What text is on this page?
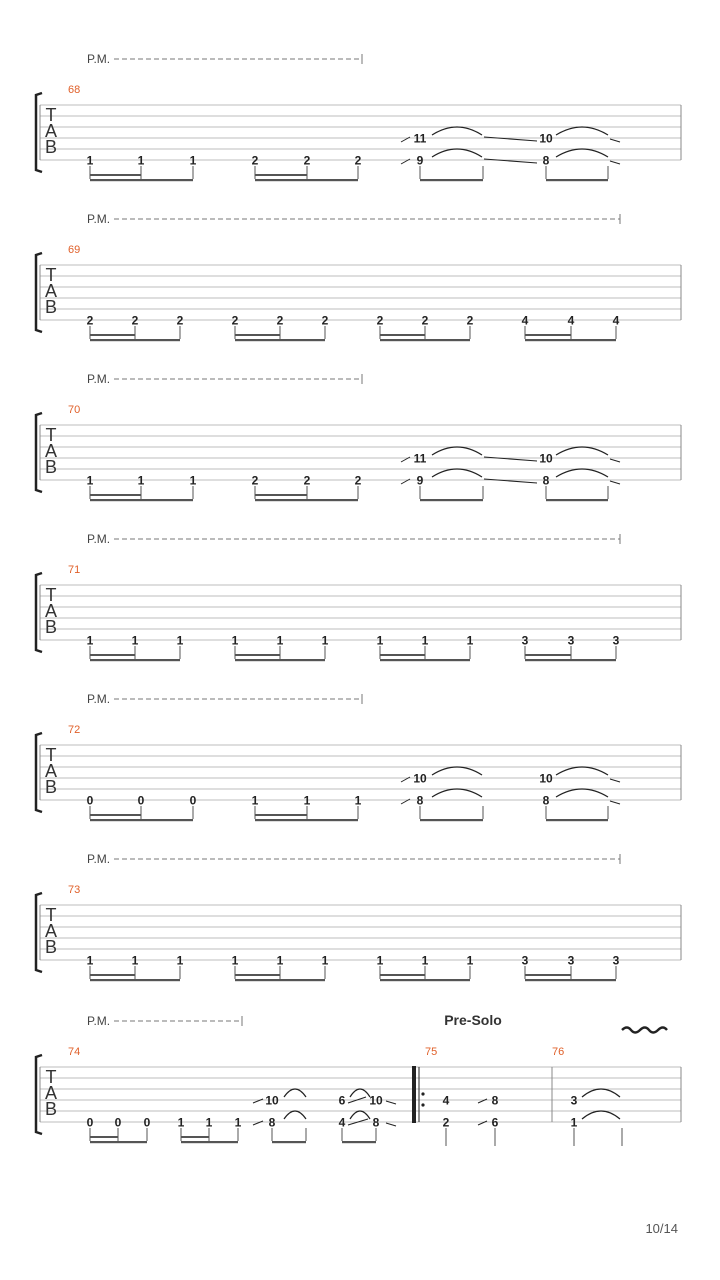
P.M.
T
A
B
68
1	1	1	2	2	2
11
9
10
8
P.M.
T
A
B
69
2	2	2	2	2	2	2	2	2	4	4	4
P.M.
T
A
B
70
1	1	1	2	2	2
11
9
10
8
P.M.
T
A
B
71
1	1	1	1	1	1	1	1	1	3	3	3
P.M.
T
A
B
72
0	0	0	1	1	1
10
8
10
8
P.M.
T
A
B
73
1	1	1	1	1	1	1	1	1	3	3	3
P.M.
T
A
B
74	75	76
0 0 0 1 1 1
10
8
6
4
10
8
4
2
8
6
3
1
Pre-Solo
10/14
